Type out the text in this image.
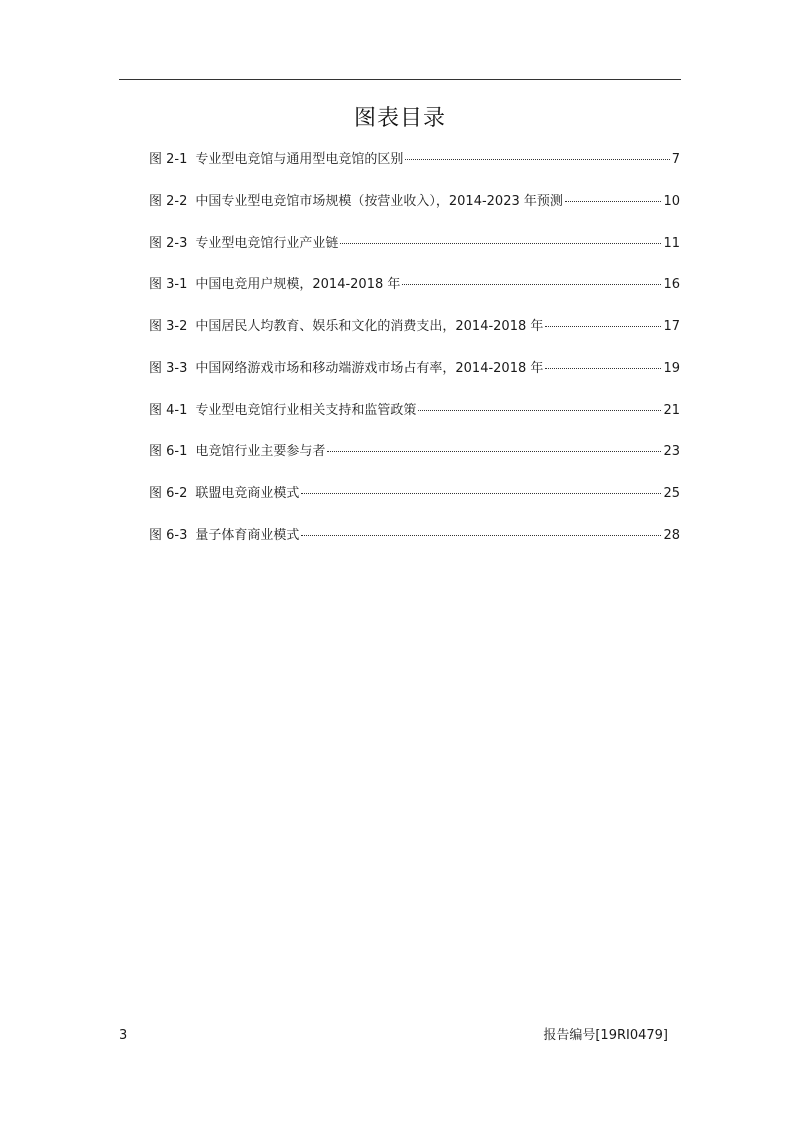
图表目录
图 2-1 专业型电竞馆与通用型电竞馆的区别	7
图 2-2 中国专业型电竞馆市场规模（按营业收入），2014-2023 年预测	10
图 2-3 专业型电竞馆行业产业链	11
图 3-1 中国电竞用户规模，2014-2018 年	16
图 3-2 中国居民人均教育、娱乐和文化的消费支出，2014-2018 年	17
图 3-3 中国网络游戏市场和移动端游戏市场占有率，2014-2018 年	19
图 4-1 专业型电竞馆行业相关支持和监管政策	21
图 6-1 电竞馆行业主要参与者	23
图 6-2 联盟电竞商业模式	25
图 6-3 量子体育商业模式	28
3	报告编号[19RI0479]
